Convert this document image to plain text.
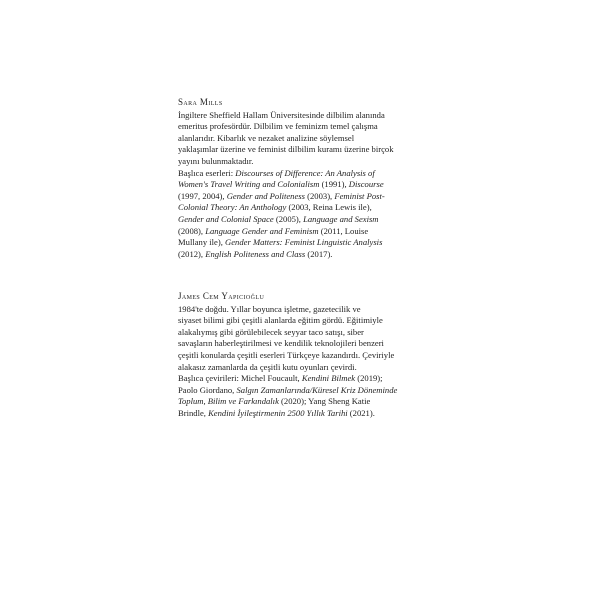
Sara Mills

İngiltere Sheffield Hallam Üniversitesinde dilbilim alanında
emeritus profesördür. Dilbilim ve feminizm temel çalışma
alanlarıdır. Kibarlık ve nezaket analizine söylemsel
yaklaşımlar üzerine ve feminist dilbilim kuramı üzerine birçok
yayını bulunmaktadır.

Başlıca eserleri: Discourses of Difference: An Analysis of
Women's Travel Writing and Colonialism (1991), Discourse
(1997, 2004), Gender and Politeness (2003), Feminist Post-
Colonial Theory: An Anthology (2003, Reina Lewis ile),
Gender and Colonial Space (2005), Language and Sexism
(2008), Language Gender and Feminism (2011, Louise
Mullany ile), Gender Matters: Feminist Linguistic Analysis
(2012), English Politeness and Class (2017).

James Cem Yapıcıoğlu

1984'te doğdu. Yıllar boyunca işletme, gazetecilik ve
siyaset bilimi gibi çeşitli alanlarda eğitim gördü. Eğitimiyle
alakalıymış gibi görülebilecek seyyar taco satışı, siber
savaşların haberleştirilmesi ve kendilik teknolojileri benzeri
çeşitli konularda çeşitli eserleri Türkçeye kazandırdı. Çeviriyle
alakasız zamanlarda da çeşitli kutu oyunları çevirdi.

Başlıca çevirileri: Michel Foucault, Kendini Bilmek (2019);
Paolo Giordano, Salgın Zamanlarında/Küresel Kriz Döneminde
Toplum, Bilim ve Farkındalık (2020); Yang Sheng Katie
Brindle, Kendini İyileştirmenin 2500 Yıllık Tarihi (2021).
